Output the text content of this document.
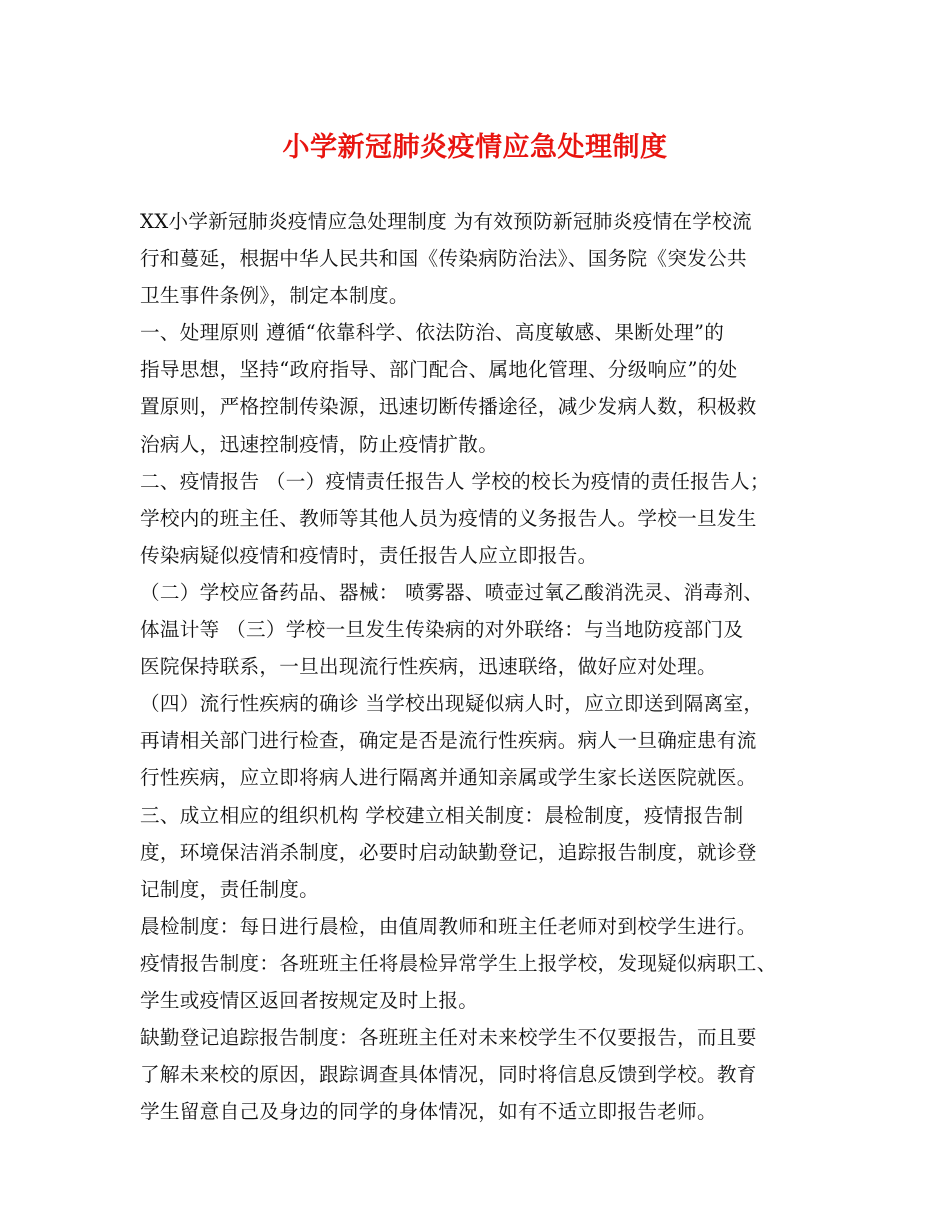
小学新冠肺炎疫情应急处理制度
XX小学新冠肺炎疫情应急处理制度 为有效预防新冠肺炎疫情在学校流
行和蔓延，根据中华人民共和国《传染病防治法》、国务院《突发公共
卫生事件条例》，制定本制度。
一、处理原则 遵循“依靠科学、依法防治、高度敏感、果断处理”的
指导思想，坚持“政府指导、部门配合、属地化管理、分级响应”的处
置原则，严格控制传染源，迅速切断传播途径，减少发病人数，积极救
治病人，迅速控制疫情，防止疫情扩散。
二、疫情报告 （一）疫情责任报告人 学校的校长为疫情的责任报告人；
学校内的班主任、教师等其他人员为疫情的义务报告人。学校一旦发生
传染病疑似疫情和疫情时，责任报告人应立即报告。
（二）学校应备药品、器械： 喷雾器、喷壶过氧乙酸消洗灵、消毒剂、
体温计等 （三）学校一旦发生传染病的对外联络：与当地防疫部门及
医院保持联系，一旦出现流行性疾病，迅速联络，做好应对处理。
（四）流行性疾病的确诊 当学校出现疑似病人时，应立即送到隔离室，
再请相关部门进行检查，确定是否是流行性疾病。病人一旦确症患有流
行性疾病，应立即将病人进行隔离并通知亲属或学生家长送医院就医。
三、成立相应的组织机构 学校建立相关制度：晨检制度，疫情报告制
度，环境保洁消杀制度，必要时启动缺勤登记，追踪报告制度，就诊登
记制度，责任制度。
晨检制度：每日进行晨检，由值周教师和班主任老师对到校学生进行。
疫情报告制度：各班班主任将晨检异常学生上报学校，发现疑似病职工、
学生或疫情区返回者按规定及时上报。
缺勤登记追踪报告制度：各班班主任对未来校学生不仅要报告，而且要
了解未来校的原因，跟踪调查具体情况，同时将信息反馈到学校。教育
学生留意自己及身边的同学的身体情况，如有不适立即报告老师。
